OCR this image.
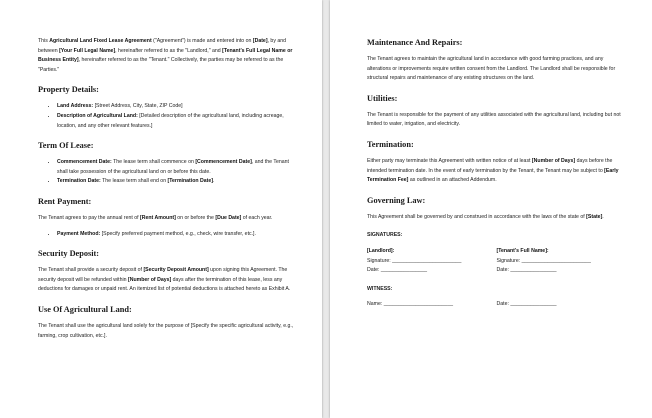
This Agricultural Land Fixed Lease Agreement ("Agreement") is made and entered into on [Date], by and between [Your Full Legal Name], hereinafter referred to as the "Landlord," and [Tenant's Full Legal Name or Business Entity], hereinafter referred to as the "Tenant." Collectively, the parties may be referred to as the "Parties."

Property Details:
• Land Address: [Street Address, City, State, ZIP Code]
• Description of Agricultural Land: [Detailed description of the agricultural land, including acreage, location, and any other relevant features.]
Term Of Lease:
• Commencement Date: The lease term shall commence on [Commencement Date], and the Tenant shall take possession of the agricultural land on or before this date.
• Termination Date: The lease term shall end on [Termination Date].
Rent Payment:

The Tenant agrees to pay the annual rent of [Rent Amount] on or before the [Due Date] of each year.

• Payment Method: [Specify preferred payment method, e.g., check, wire transfer, etc.].
Security Deposit:

The Tenant shall provide a security deposit of [Security Deposit Amount] upon signing this Agreement. The security deposit will be refunded within [Number of Days] days after the termination of this lease, less any deductions for damages or unpaid rent. An itemized list of potential deductions is attached hereto as Exhibit A.

Use Of Agricultural Land:

The Tenant shall use the agricultural land solely for the purpose of [Specify the specific agricultural activity, e.g., farming, crop cultivation, etc.].

Maintenance And Repairs:

The Tenant agrees to maintain the agricultural land in accordance with good farming practices, and any alterations or improvements require written consent from the Landlord. The Landlord shall be responsible for structural repairs and maintenance of any existing structures on the land.

Utilities:

The Tenant is responsible for the payment of any utilities associated with the agricultural land, including but not limited to water, irrigation, and electricity.

Termination:

Either party may terminate this Agreement with written notice of at least [Number of Days] days before the intended termination date. In the event of early termination by the Tenant, the Tenant may be subject to [Early Termination Fee] as outlined in an attached Addendum.

Governing Law:

This Agreement shall be governed by and construed in accordance with the laws of the state of [State].

SIGNATURES:
[Landlord]:
Signature: ________________________
Date: ________________
[Tenant's Full Name]:
Signature: ________________________
Date: ________________
WITNESS:
Name: ________________________	Date: ________________
